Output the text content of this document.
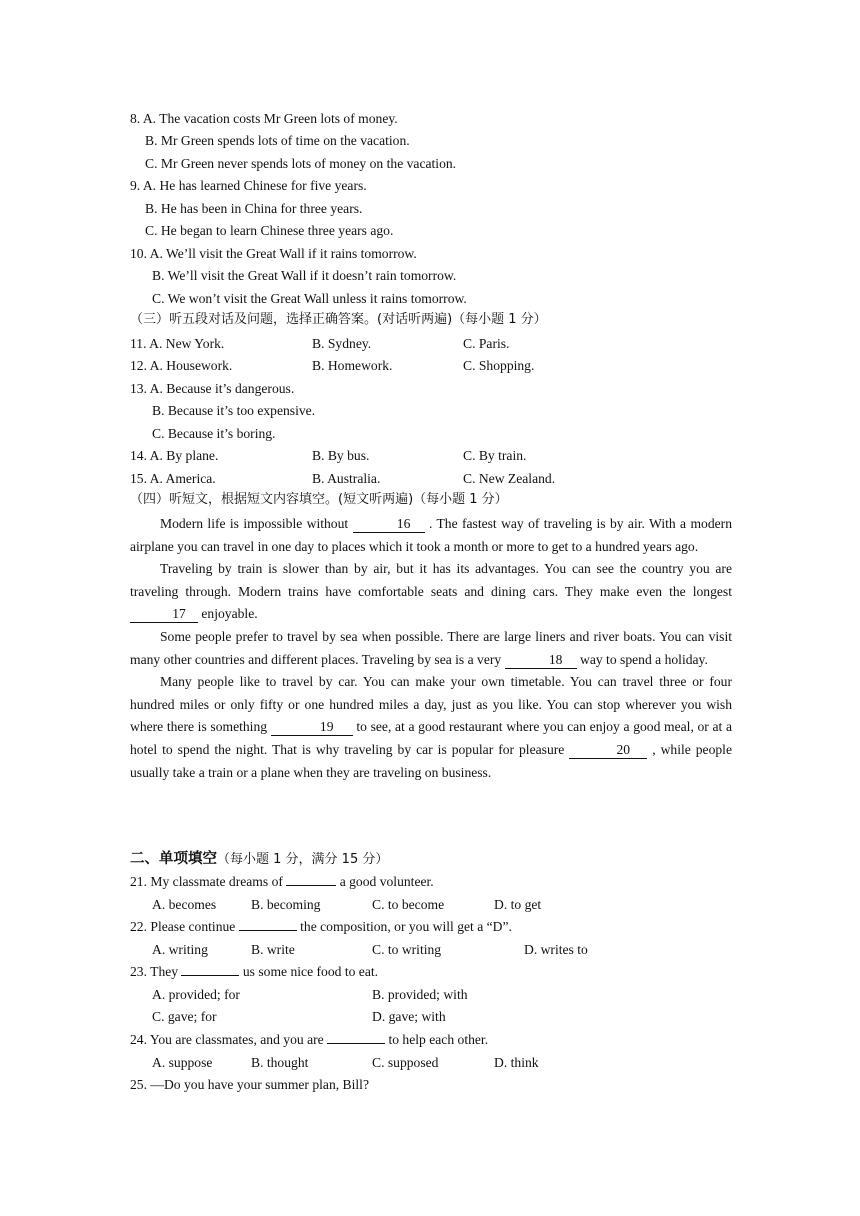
8. A. The vacation costs Mr Green lots of money.
B. Mr Green spends lots of time on the vacation.
C. Mr Green never spends lots of money on the vacation.
9. A. He has learned Chinese for five years.
B. He has been in China for three years.
C. He began to learn Chinese three years ago.
10. A. We’ll visit the Great Wall if it rains tomorrow.
B. We’ll visit the Great Wall if it doesn’t rain tomorrow.
C. We won’t visit the Great Wall unless it rains tomorrow.
（三）听五段对话及问题，选择正确答案。(对话听两遍)（每小题 1 分）
11. A. New York.	B. Sydney.	C. Paris.
12. A. Housework.	B. Homework.	C. Shopping.
13. A. Because it’s dangerous.
B. Because it’s too expensive.
C. Because it’s boring.
14. A. By plane.	B. By bus.	C. By train.
15. A. America.	B. Australia.	C. New Zealand.
（四）听短文，根据短文内容填空。(短文听两遍)（每小题 1 分）

Modern life is impossible without	16 . The fastest way of traveling is by air. With a modern airplane you can travel in one day to places which it took a month or more to get to a hundred years ago.

Traveling by train is slower than by air, but it has its advantages. You can see the country you are traveling through. Modern trains have comfortable seats and dining cars. They make even the longest 17 enjoyable.

Some people prefer to travel by sea when possible. There are large liners and river boats. You can visit many other countries and different places. Traveling by sea is a very	18 way to spend a holiday.

Many people like to travel by car. You can make your own timetable. You can travel three or four hundred miles or only fifty or one hundred miles a day, just as you like. You can stop wherever you wish where there is something	19 to see, at a good restaurant where you can enjoy a good meal, or at a hotel to spend the night. That is why traveling by car is popular for pleasure	20 , while people usually take a train or a plane when they are traveling on business.

二、单项填空（每小题 1 分，满分 15 分）
21. My classmate dreams of	a good volunteer.
A. becomes	B. becoming	C. to become	D. to get
22. Please continue	the composition, or you will get a “D”.
A. writing	B. write	C. to writing	D. writes to
23. They	us some nice food to eat.
A. provided; for	B. provided; with
C. gave; for	D. gave; with
24. You are classmates, and you are	to help each other.
A. suppose	B. thought	C. supposed	D. think
25. —Do you have your summer plan, Bill?
